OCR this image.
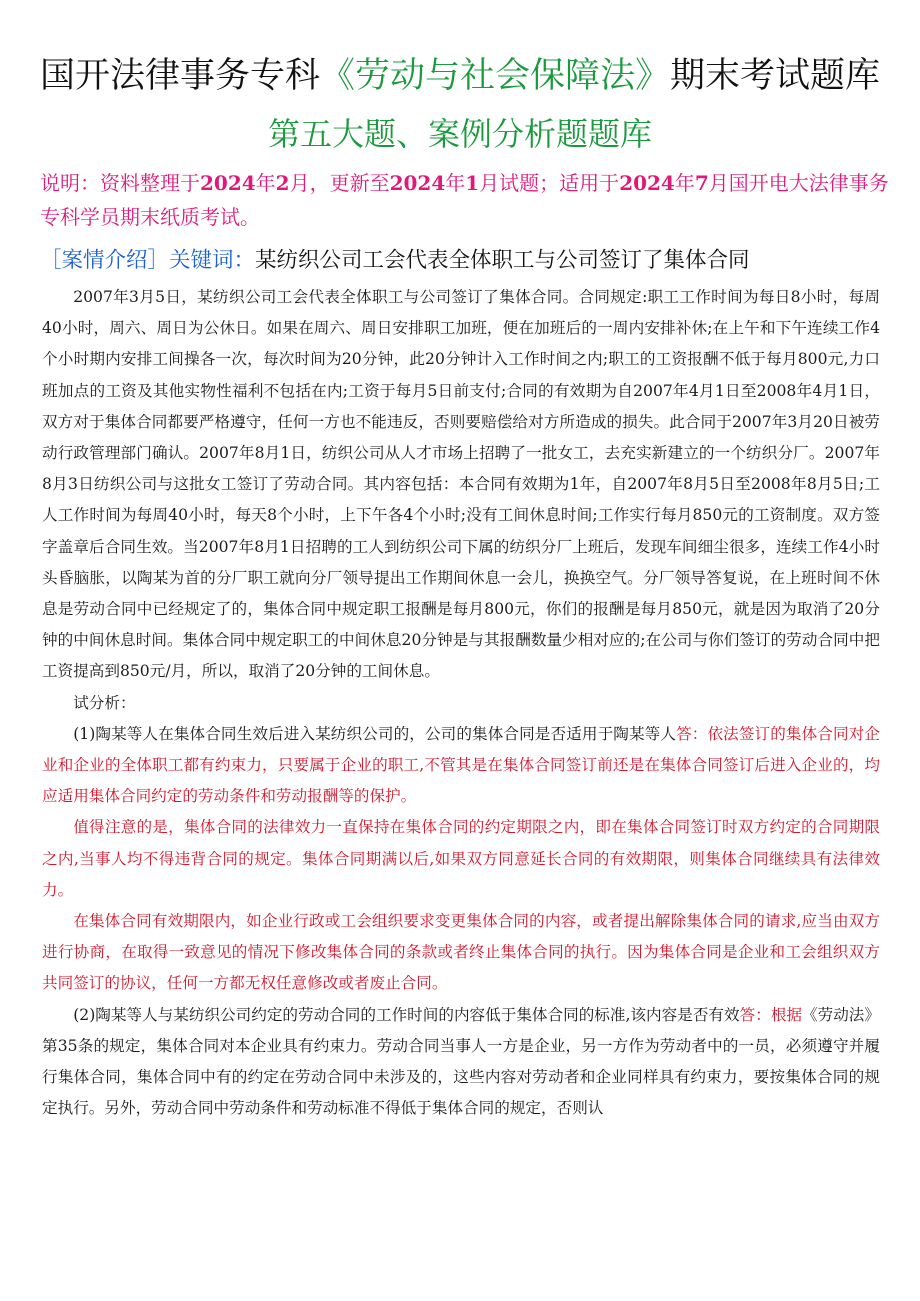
国开法律事务专科《劳动与社会保障法》期末考试题库
第五大题、案例分析题题库
说明：资料整理于2024年2月，更新至2024年1月试题；适用于2024年7月国开电大法律事务专科学员期末纸质考试。
［案情介绍］关键词：某纺织公司工会代表全体职工与公司签订了集体合同

2007年3月5日，某纺织公司工会代表全体职工与公司签订了集体合同。合同规定:职工工作时间为每日8小时，每周40小时，周六、周日为公休日。如果在周六、周日安排职工加班，便在加班后的一周内安排补休;在上午和下午连续工作4个小时期内安排工间操各一次，每次时间为20分钟，此20分钟计入工作时间之内;职工的工资报酬不低于每月800元,力口班加点的工资及其他实物性福利不包括在内;工资于每月5日前支付;合同的有效期为自2007年4月1日至2008年4月1日，双方对于集体合同都要严格遵守，任何一方也不能违反，否则要赔偿给对方所造成的损失。此合同于2007年3月20日被劳动行政管理部门确认。2007年8月1日，纺织公司从人才市场上招聘了一批女工，去充实新建立的一个纺织分厂。2007年8月3日纺织公司与这批女工签订了劳动合同。其内容包括：本合同有效期为1年，自2007年8月5日至2008年8月5日;工人工作时间为每周40小时，每天8个小时，上下午各4个小时;没有工间休息时间;工作实行每月850元的工资制度。双方签字盖章后合同生效。当2007年8月1日招聘的工人到纺织公司下属的纺织分厂上班后，发现车间细尘很多，连续工作4小时头昏脑胀，以陶某为首的分厂职工就向分厂领导提出工作期间休息一会儿，换换空气。分厂领导答复说，在上班时间不休息是劳动合同中已经规定了的，集体合同中规定职工报酬是每月800元，你们的报酬是每月850元，就是因为取消了20分钟的中间休息时间。集体合同中规定职工的中间休息20分钟是与其报酬数量少相对应的;在公司与你们签订的劳动合同中把工资提高到850元/月，所以，取消了20分钟的工间休息。

试分析：

(1)陶某等人在集体合同生效后进入某纺织公司的，公司的集体合同是否适用于陶某等人答：依法签订的集体合同对企业和企业的全体职工都有约束力，只要属于企业的职工,不管其是在集体合同签订前还是在集体合同签订后进入企业的，均应适用集体合同约定的劳动条件和劳动报酬等的保护。

值得注意的是，集体合同的法律效力一直保持在集体合同的约定期限之内，即在集体合同签订时双方约定的合同期限之内,当事人均不得违背合同的规定。集体合同期满以后,如果双方同意延长合同的有效期限，则集体合同继续具有法律效力。

在集体合同有效期限内，如企业行政或工会组织要求变更集体合同的内容，或者提出解除集体合同的请求,应当由双方进行协商，在取得一致意见的情况下修改集体合同的条款或者终止集体合同的执行。因为集体合同是企业和工会组织双方共同签订的协议，任何一方都无权任意修改或者废止合同。

(2)陶某等人与某纺织公司约定的劳动合同的工作时间的内容低于集体合同的标准,该内容是否有效答：根据《劳动法》第35条的规定，集体合同对本企业具有约束力。劳动合同当事人一方是企业，另一方作为劳动者中的一员，必须遵守并履行集体合同，集体合同中有的约定在劳动合同中未涉及的，这些内容对劳动者和企业同样具有约束力，要按集体合同的规定执行。另外，劳动合同中劳动条件和劳动标准不得低于集体合同的规定，否则认
